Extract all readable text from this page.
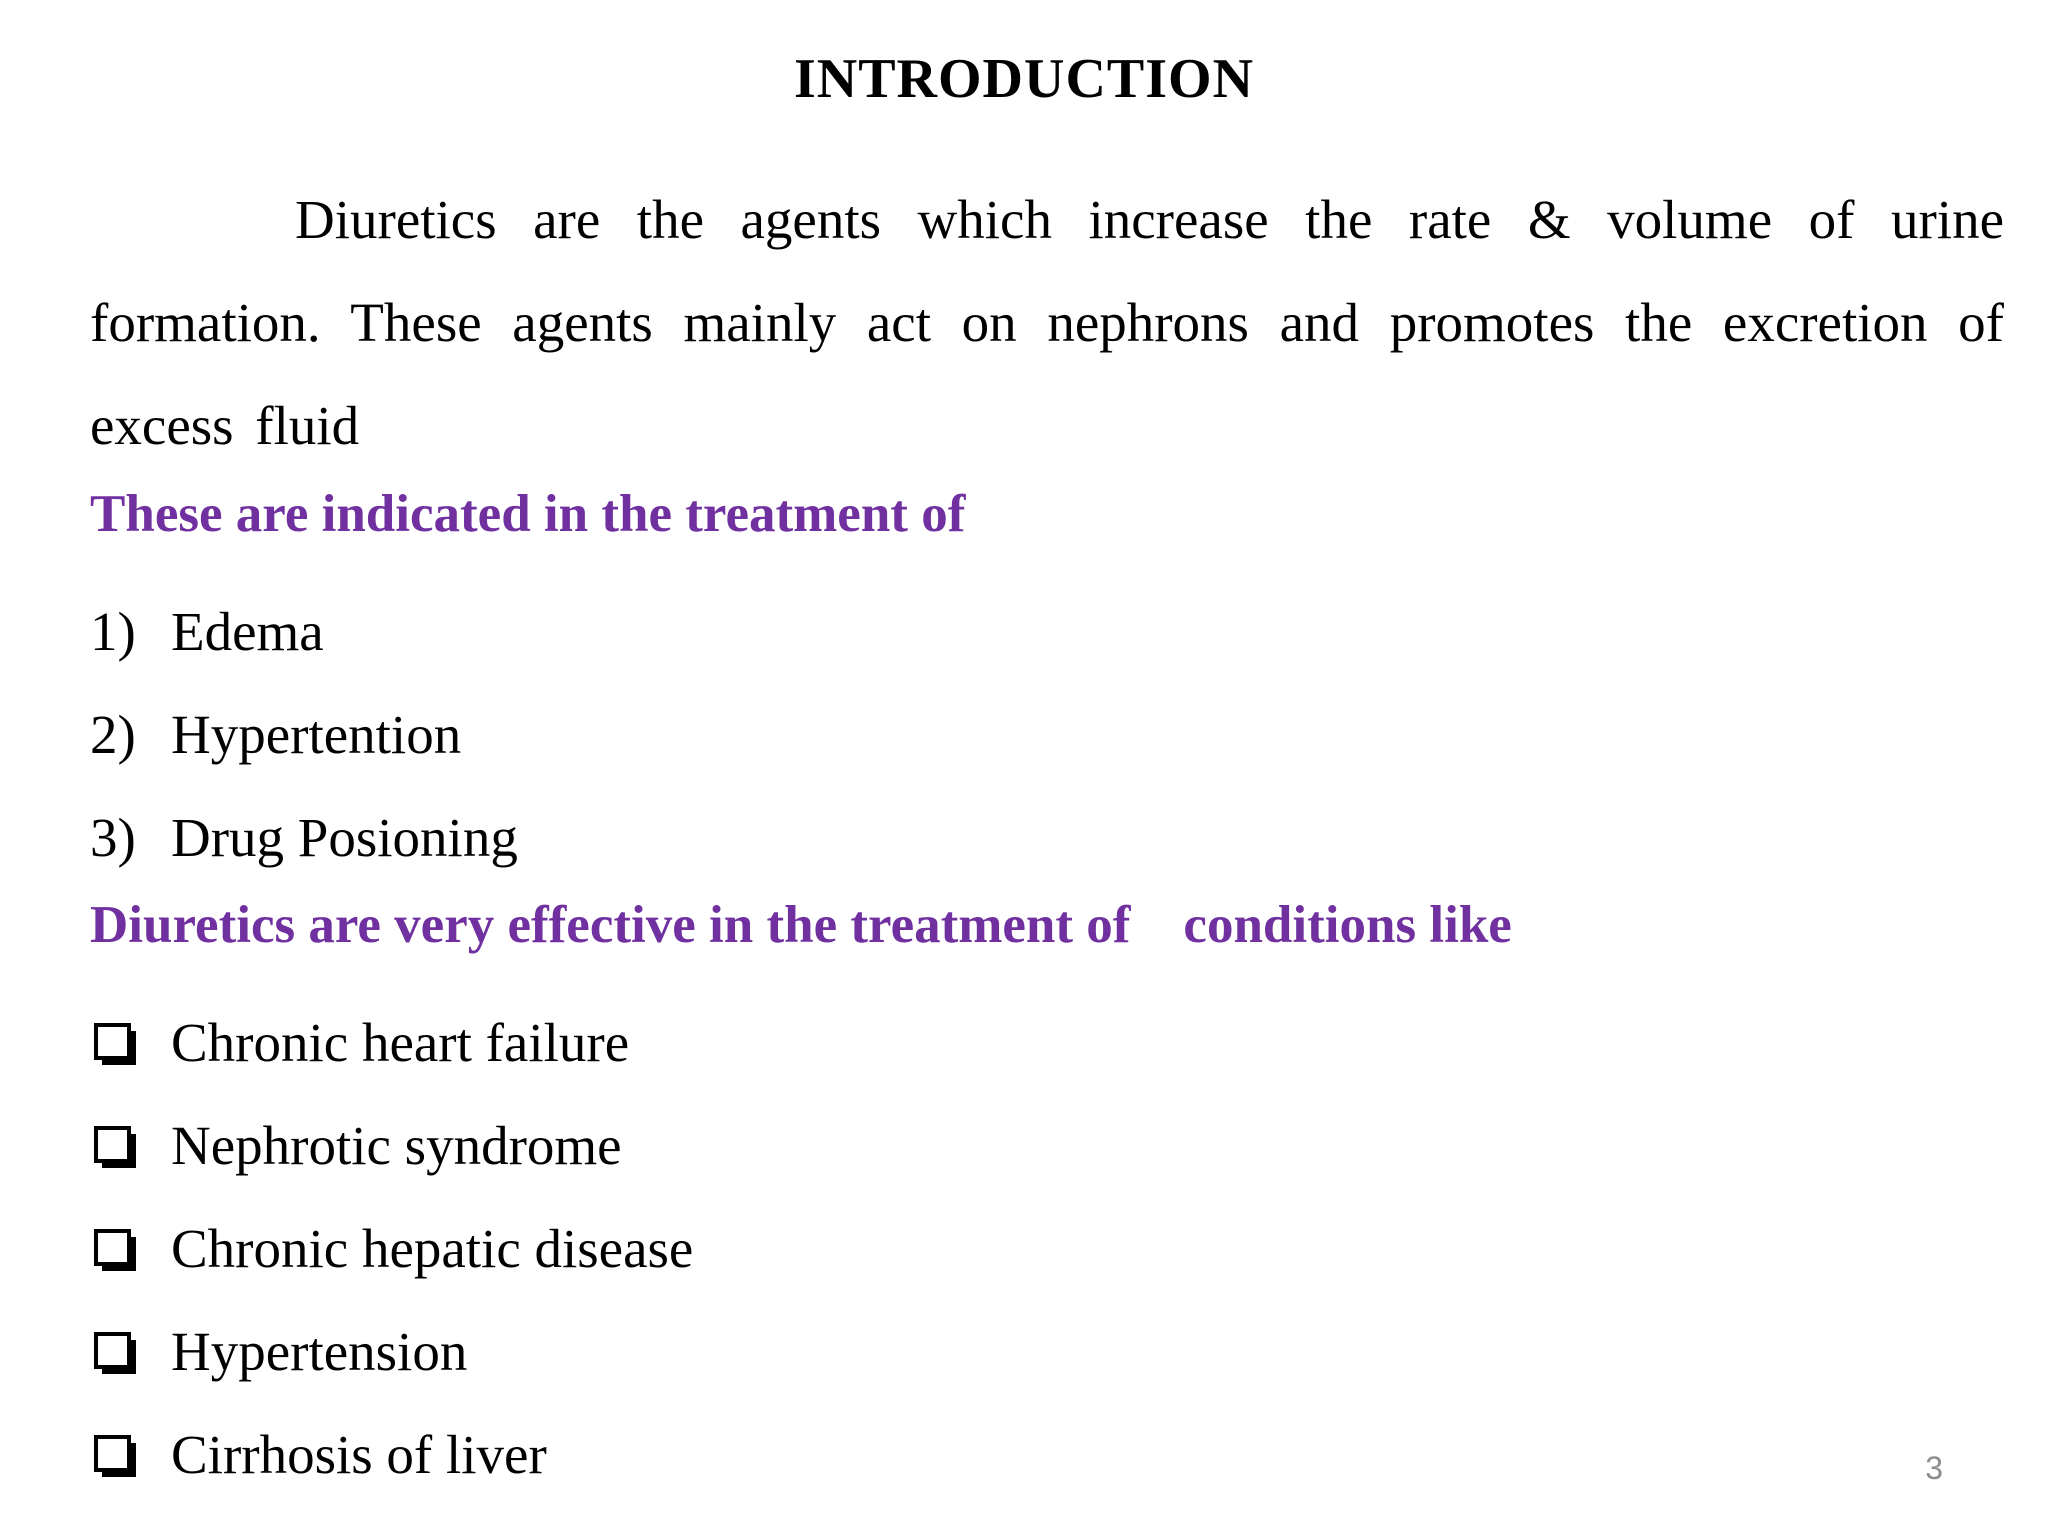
INTRODUCTION
Diuretics are the agents which increase the rate & volume of urine formation. These agents mainly act on nephrons and promotes the excretion of excess fluid
These are indicated in the treatment of
1) Edema
2) Hypertention
3) Drug Posioning
Diuretics are very effective in the treatment of    conditions like
Chronic heart failure
Nephrotic syndrome
Chronic hepatic disease
Hypertension
Cirrhosis of liver	3
